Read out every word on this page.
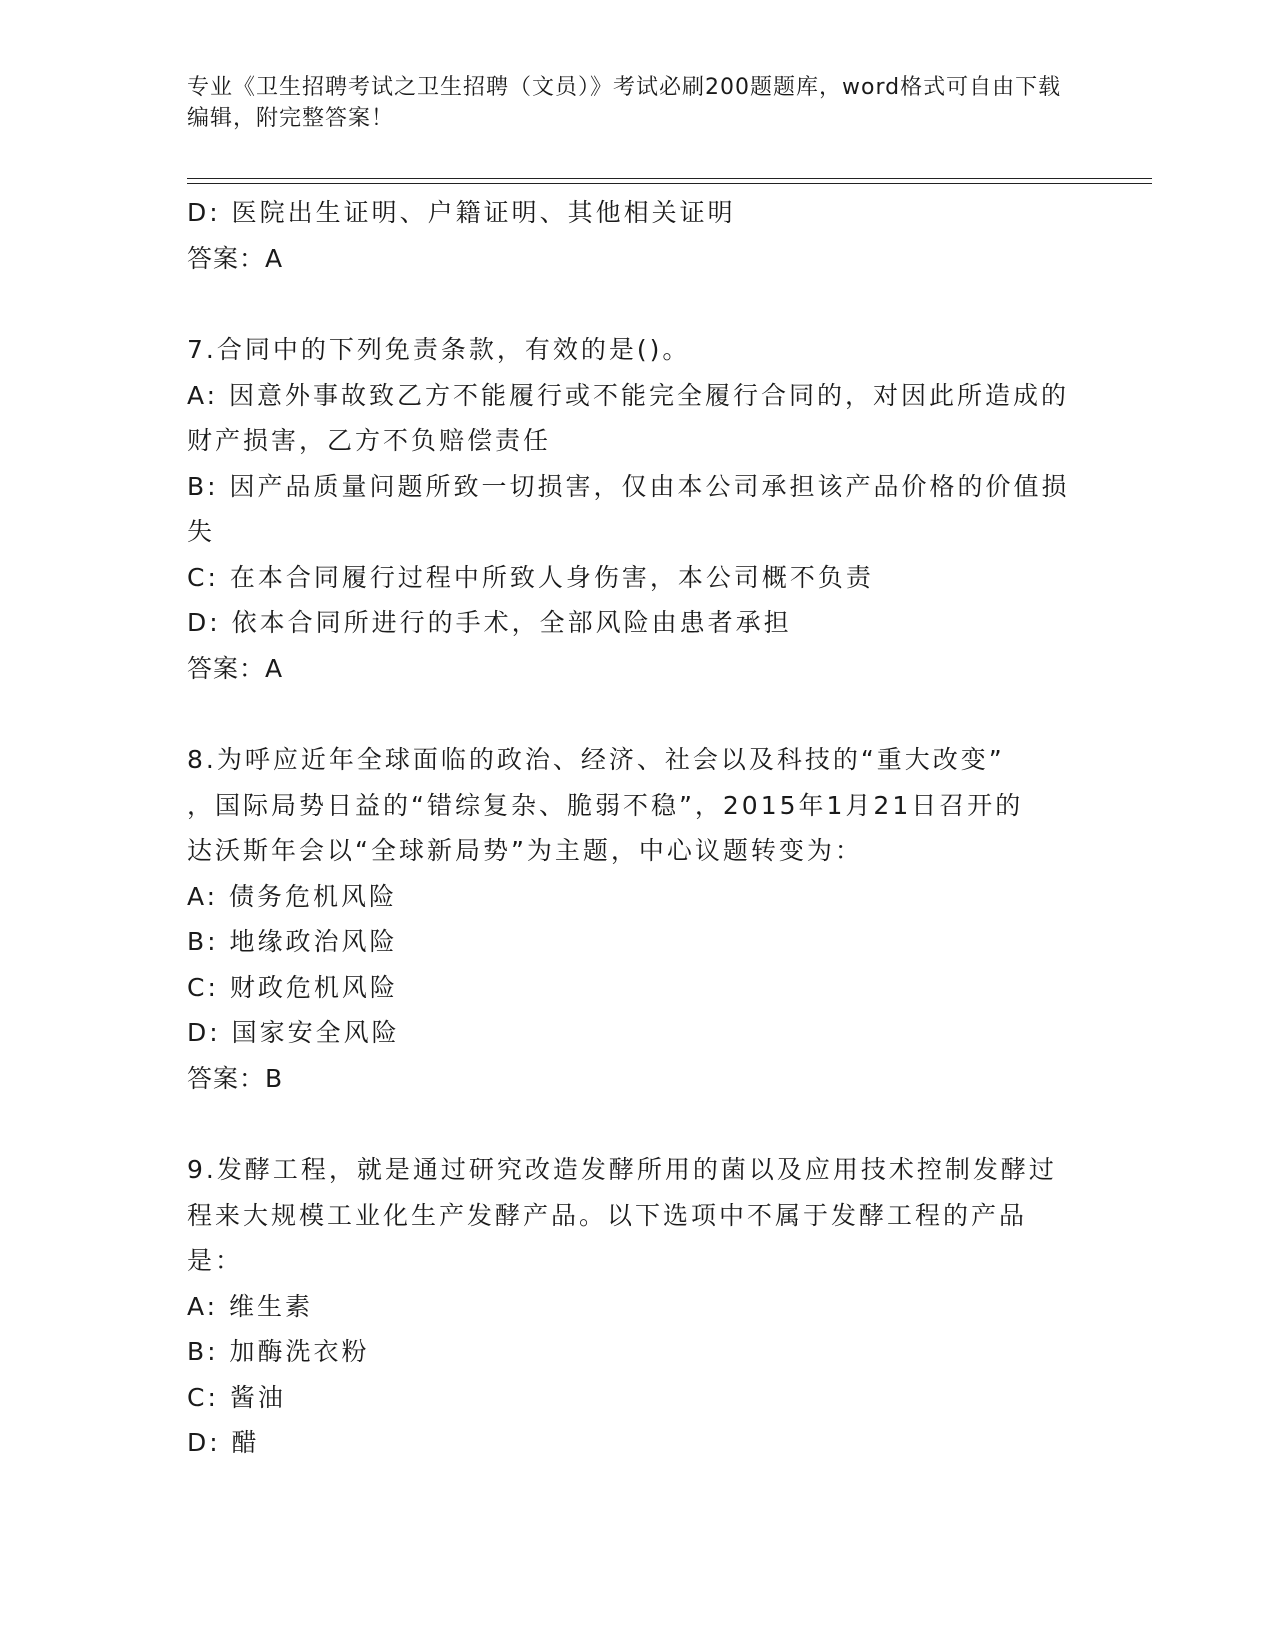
专业《卫生招聘考试之卫生招聘（文员）》考试必刷200题题库，word格式可自由下载编辑，附完整答案！
D: 医院出生证明、户籍证明、其他相关证明
答案：A
7.合同中的下列免责条款，有效的是()。
A: 因意外事故致乙方不能履行或不能完全履行合同的，对因此所造成的财产损害，乙方不负赔偿责任
B: 因产品质量问题所致一切损害，仅由本公司承担该产品价格的价值损失
C: 在本合同履行过程中所致人身伤害，本公司概不负责
D: 依本合同所进行的手术，全部风险由患者承担
答案：A
8.为呼应近年全球面临的政治、经济、社会以及科技的“重大改变”
，国际局势日益的“错综复杂、脆弱不稳”，2015年1月21日召开的
达沃斯年会以“全球新局势”为主题，中心议题转变为：
A: 债务危机风险
B: 地缘政治风险
C: 财政危机风险
D: 国家安全风险
答案：B
9.发酵工程，就是通过研究改造发酵所用的菌以及应用技术控制发酵过程来大规模工业化生产发酵产品。以下选项中不属于发酵工程的产品是：
A: 维生素
B: 加酶洗衣粉
C: 酱油
D: 醋
